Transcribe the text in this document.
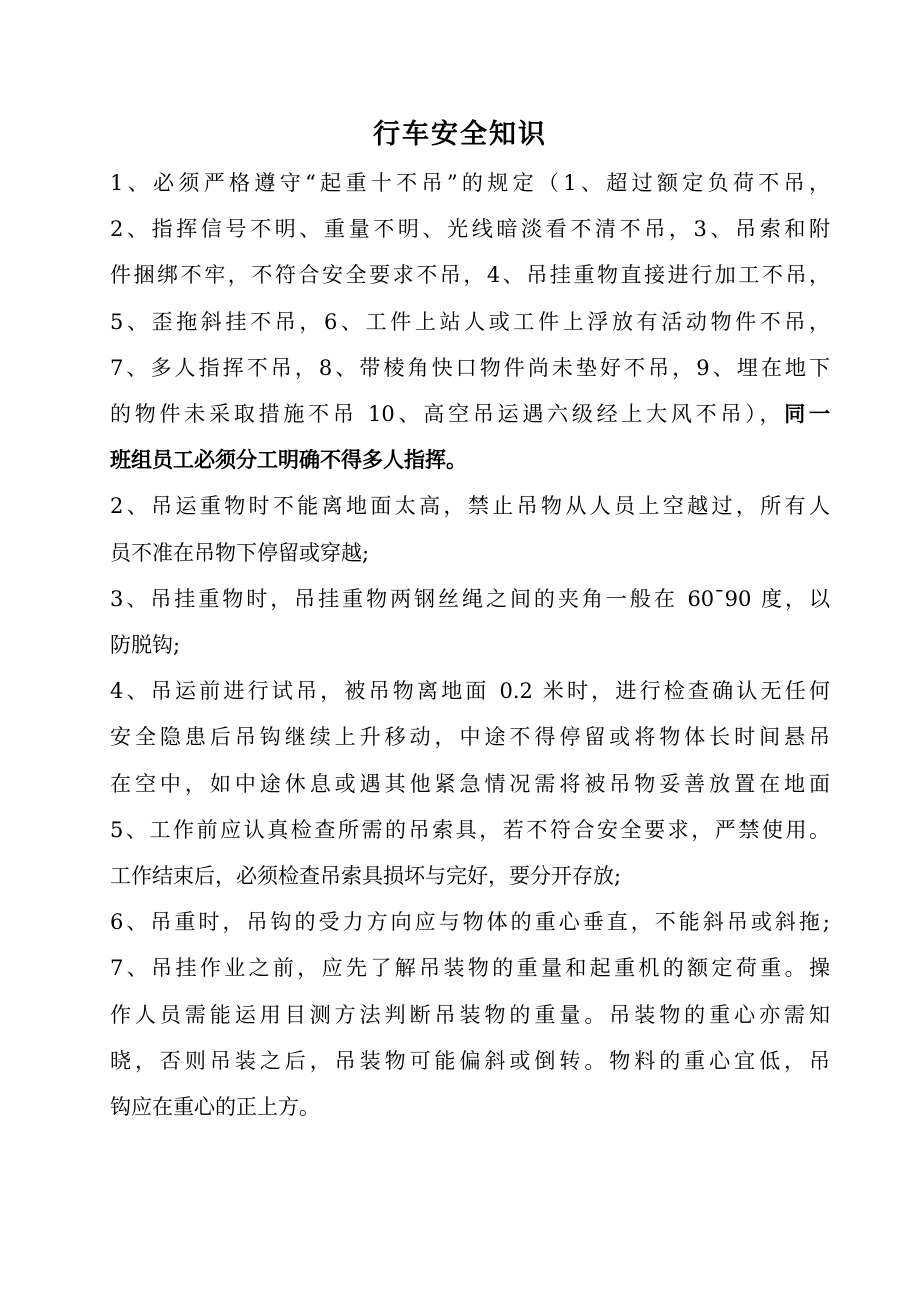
行车安全知识
1、必须严格遵守“起重十不吊”的规定（1、超过额定负荷不吊，
2、指挥信号不明、重量不明、光线暗淡看不清不吊，3、吊索和附
件捆绑不牢，不符合安全要求不吊，4、吊挂重物直接进行加工不吊，
5、歪拖斜挂不吊，6、工件上站人或工件上浮放有活动物件不吊，
7、多人指挥不吊，8、带棱角快口物件尚未垫好不吊，9、埋在地下
的物件未采取措施不吊 10、高空吊运遇六级经上大风不吊），同一
班组员工必须分工明确不得多人指挥。
2、吊运重物时不能离地面太高，禁止吊物从人员上空越过，所有人
员不准在吊物下停留或穿越;
3、吊挂重物时，吊挂重物两钢丝绳之间的夹角一般在 60¯90 度，以
防脱钩;
4、吊运前进行试吊，被吊物离地面 0.2 米时，进行检查确认无任何
安全隐患后吊钩继续上升移动，中途不得停留或将物体长时间悬吊
在空中，如中途休息或遇其他紧急情况需将被吊物妥善放置在地面
5、工作前应认真检查所需的吊索具，若不符合安全要求，严禁使用。
工作结束后，必须检查吊索具损坏与完好，要分开存放;
6、吊重时，吊钩的受力方向应与物体的重心垂直，不能斜吊或斜拖;
7、吊挂作业之前，应先了解吊装物的重量和起重机的额定荷重。操
作人员需能运用目测方法判断吊装物的重量。吊装物的重心亦需知
晓，否则吊装之后，吊装物可能偏斜或倒转。物料的重心宜低，吊
钩应在重心的正上方。
